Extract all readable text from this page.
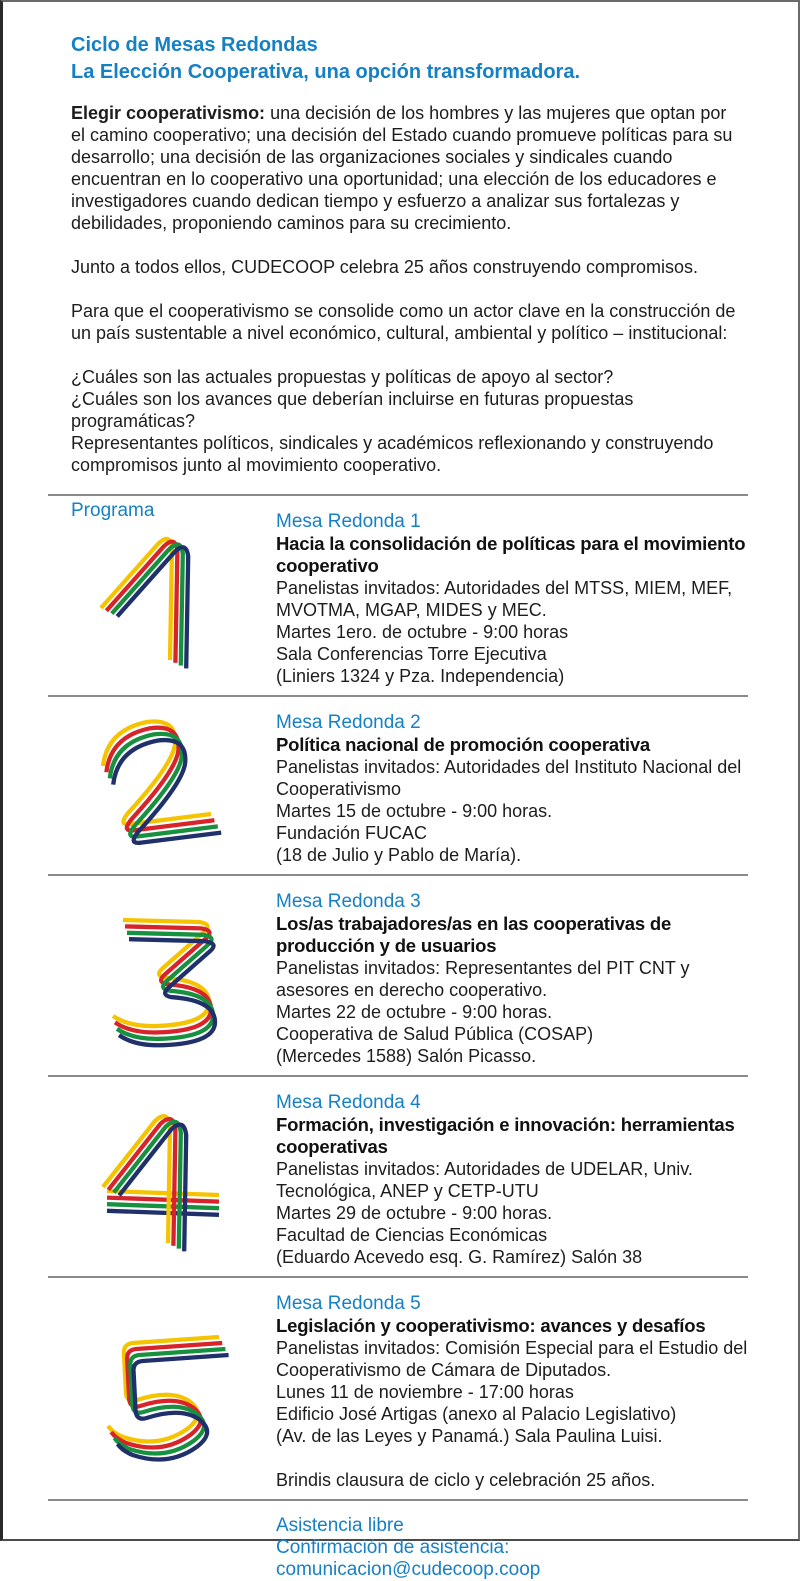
Ciclo de Mesas Redondas
La Elección Cooperativa, una opción transformadora.

Elegir cooperativismo: una decisión de los hombres y las mujeres que optan por el camino cooperativo; una decisión del Estado cuando promueve políticas para su desarrollo; una decisión de las organizaciones sociales y sindicales cuando encuentran en lo cooperativo una oportunidad; una elección de los educadores e investigadores cuando dedican tiempo y esfuerzo a analizar sus fortalezas y debilidades, proponiendo caminos para su crecimiento.

Junto a todos ellos, CUDECOOP celebra 25 años construyendo compromisos.

Para que el cooperativismo se consolide como un actor clave en la construcción de un país sustentable a nivel económico, cultural, ambiental y político – institucional:

¿Cuáles son las actuales propuestas y políticas de apoyo al sector?
¿Cuáles son los avances que deberían incluirse en futuras propuestas programáticas?
Representantes políticos, sindicales y académicos reflexionando y construyendo compromisos junto al movimiento cooperativo.
Programa
Mesa Redonda 1
Hacia la consolidación de políticas para el movimiento cooperativo
Panelistas invitados: Autoridades del MTSS, MIEM, MEF, MVOTMA, MGAP, MIDES y MEC.
Martes 1ero. de octubre - 9:00 horas
Sala Conferencias Torre Ejecutiva
(Liniers 1324 y Pza. Independencia)
Mesa Redonda 2
Política nacional de promoción cooperativa
Panelistas invitados: Autoridades del Instituto Nacional del Cooperativismo
Martes 15 de octubre - 9:00 horas.
Fundación FUCAC
(18 de Julio y Pablo de María).
Mesa Redonda 3
Los/as trabajadores/as en las cooperativas de producción y de usuarios
Panelistas invitados: Representantes del PIT CNT y asesores en derecho cooperativo.
Martes 22 de octubre - 9:00 horas.
Cooperativa de Salud Pública (COSAP)
(Mercedes 1588) Salón Picasso.
Mesa Redonda 4
Formación, investigación e innovación: herramientas cooperativas
Panelistas invitados: Autoridades de UDELAR, Univ. Tecnológica, ANEP y CETP-UTU
Martes 29 de octubre - 9:00 horas.
Facultad de Ciencias Económicas
(Eduardo Acevedo esq. G. Ramírez) Salón 38
Mesa Redonda 5
Legislación y cooperativismo: avances y desafíos
Panelistas invitados: Comisión Especial para el Estudio del Cooperativismo de Cámara de Diputados.
Lunes 11 de noviembre - 17:00 horas
Edificio José Artigas (anexo al Palacio Legislativo)
(Av. de las Leyes y Panamá.) Sala Paulina Luisi.
Brindis clausura de ciclo y celebración 25 años.
Asistencia libre
Confirmación de asistencia: comunicacion@cudecoop.coop
